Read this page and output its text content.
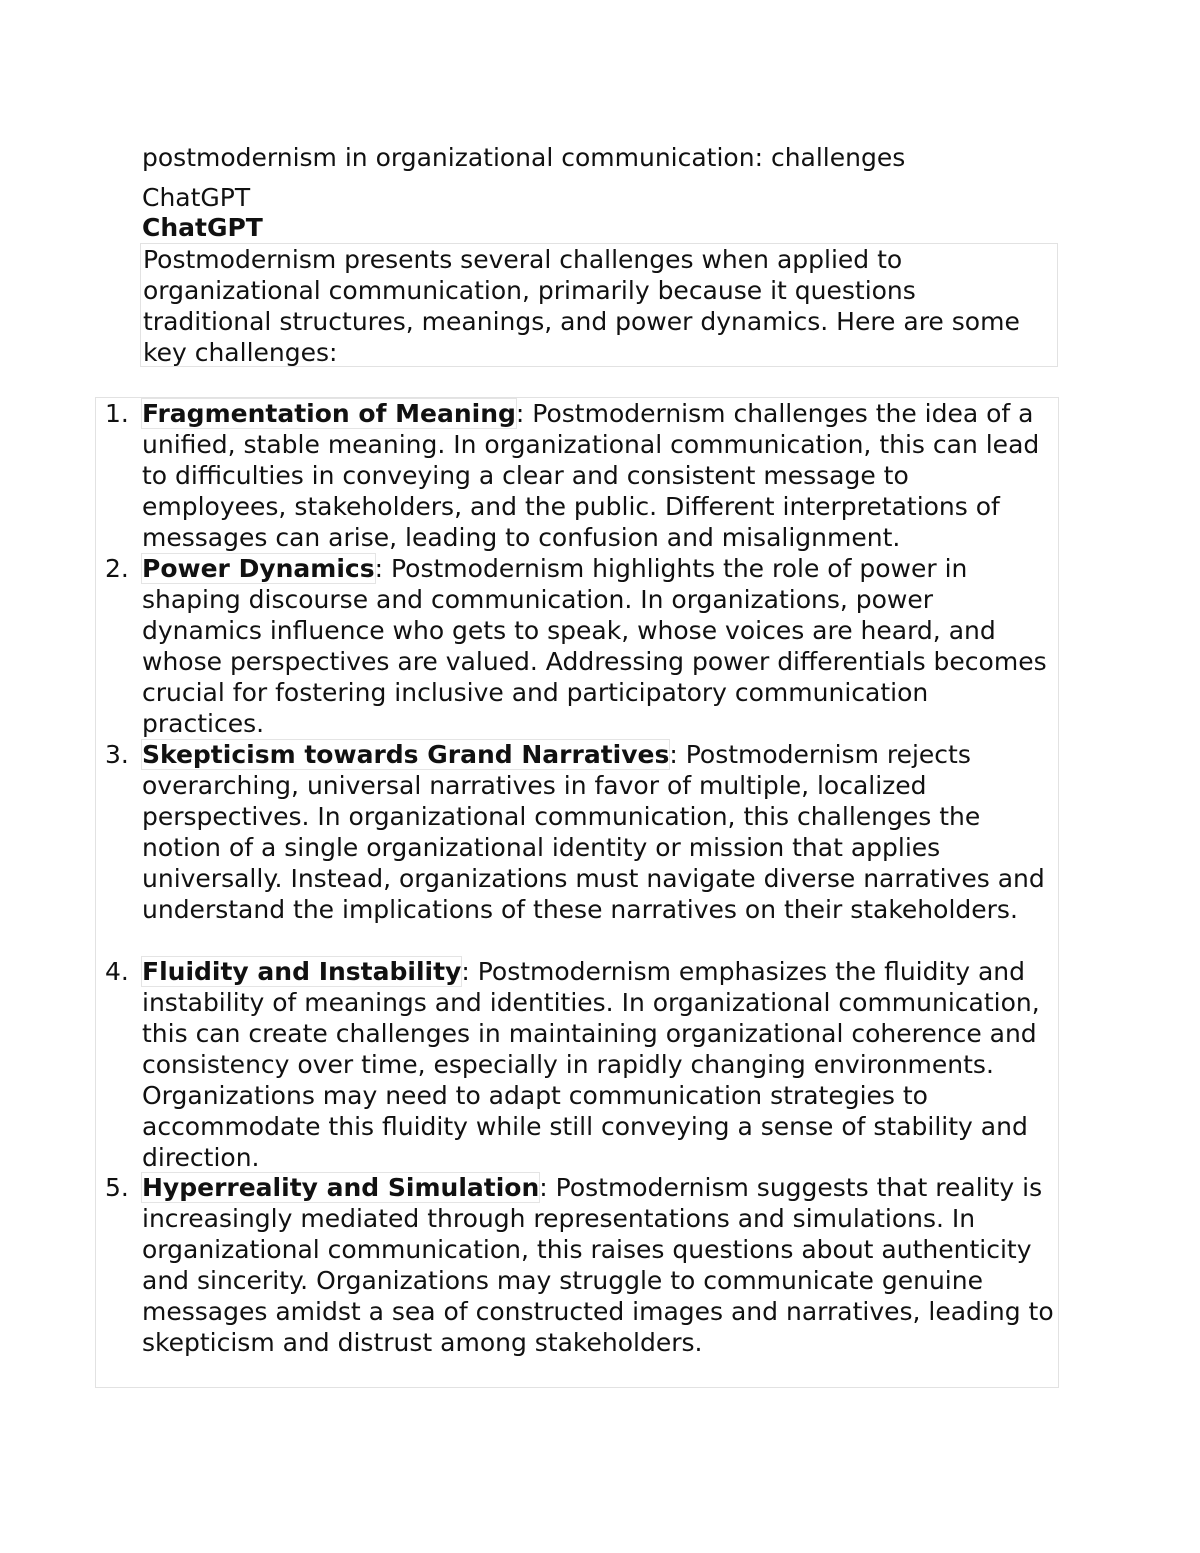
postmodernism in organizational communication: challenges

ChatGPT

ChatGPT

Postmodernism presents several challenges when applied to organizational communication, primarily because it questions traditional structures, meanings, and power dynamics. Here are some key challenges:

1. Fragmentation of Meaning: Postmodernism challenges the idea of a unified, stable meaning. In organizational communication, this can lead to difficulties in conveying a clear and consistent message to employees, stakeholders, and the public. Different interpretations of messages can arise, leading to confusion and misalignment.

2. Power Dynamics: Postmodernism highlights the role of power in shaping discourse and communication. In organizations, power dynamics influence who gets to speak, whose voices are heard, and whose perspectives are valued. Addressing power differentials becomes crucial for fostering inclusive and participatory communication practices.

3. Skepticism towards Grand Narratives: Postmodernism rejects overarching, universal narratives in favor of multiple, localized perspectives. In organizational communication, this challenges the notion of a single organizational identity or mission that applies universally. Instead, organizations must navigate diverse narratives and understand the implications of these narratives on their stakeholders.

4. Fluidity and Instability: Postmodernism emphasizes the fluidity and instability of meanings and identities. In organizational communication, this can create challenges in maintaining organizational coherence and consistency over time, especially in rapidly changing environments. Organizations may need to adapt communication strategies to accommodate this fluidity while still conveying a sense of stability and direction.

5. Hyperreality and Simulation: Postmodernism suggests that reality is increasingly mediated through representations and simulations. In organizational communication, this raises questions about authenticity and sincerity. Organizations may struggle to communicate genuine messages amidst a sea of constructed images and narratives, leading to skepticism and distrust among stakeholders.
